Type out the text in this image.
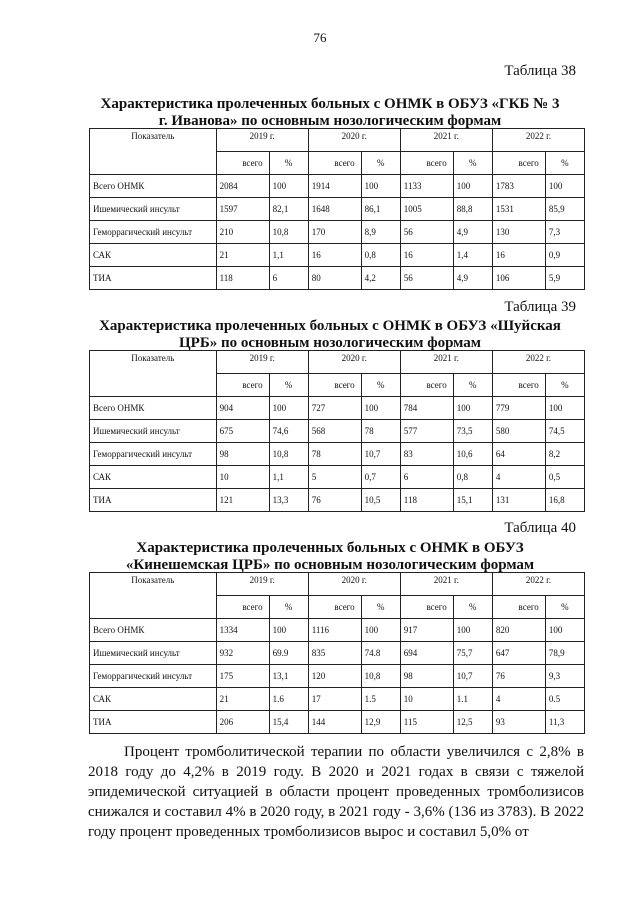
76
Таблица 38
Характеристика пролеченных больных с ОНМК в ОБУЗ «ГКБ № 3
г. Иванова» по основным нозологическим формам
Показатель	2019 г.		2020 г.		2021 г.		2022 г.	
	всего	%	всего	%	всего	%	всего	%
Всего ОНМК	2084	100	1914	100	1133	100	1783	100
Ишемический инсульт	1597	82,1	1648	86,1	1005	88,8	1531	85,9
Геморрагический инсульт	210	10,8	170	8,9	56	4,9	130	7,3
САК	21	1,1	16	0,8	16	1,4	16	0,9
ТИА	118	6	80	4,2	56	4,9	106	5,9
Таблица 39
Характеристика пролеченных больных с ОНМК в ОБУЗ «Шуйская
ЦРБ» по основным нозологическим формам
Показатель	2019 г.		2020 г.		2021 г.		2022 г.	
	всего	%	всего	%	всего	%	всего	%
Всего ОНМК	904	100	727	100	784	100	779	100
Ишемический инсульт	675	74,6	568	78	577	73,5	580	74,5
Геморрагический инсульт	98	10,8	78	10,7	83	10,6	64	8,2
САК	10	1,1	5	0,7	6	0,8	4	0,5
ТИА	121	13,3	76	10,5	118	15,1	131	16,8
Таблица 40
Характеристика пролеченных больных с ОНМК в ОБУЗ
«Кинешемская ЦРБ» по основным нозологическим формам
Показатель	2019 г.		2020 г.		2021 г.		2022 г.	
	всего	%	всего	%	всего	%	всего	%
Всего ОНМК	1334	100	1116	100	917	100	820	100
Ишемический инсульт	932	69.9	835	74.8	694	75,7	647	78,9
Геморрагический инсульт	175	13,1	120	10,8	98	10,7	76	9,3
САК	21	1.6	17	1.5	10	1.1	4	0.5
ТИА	206	15,4	144	12,9	115	12,5	93	11,3
Процент тромболитической терапии по области увеличился с 2,8% в 2018 году до 4,2% в 2019 году. В 2020 и 2021 годах в связи с тяжелой эпидемической ситуацией в области процент проведенных тромболизисов снижался и составил 4% в 2020 году, в 2021 году - 3,6% (136 из 3783). В 2022 году процент проведенных тромболизисов вырос и составил 5,0% от
